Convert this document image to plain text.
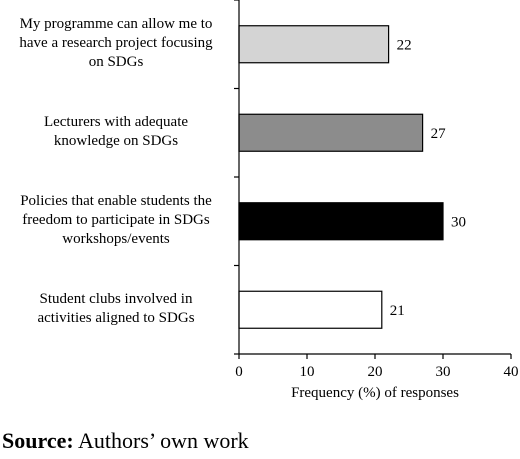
22
27
30
21
0	10	20	30	40
Frequency (%) of responses
My programme can allow me to
have a research project focusing
on SDGs
Lecturers with adequate
knowledge on SDGs
Policies that enable students the
freedom to participate in SDGs
workshops/events
Student clubs involved in
activities aligned to SDGs
Source: Authors’ own work
